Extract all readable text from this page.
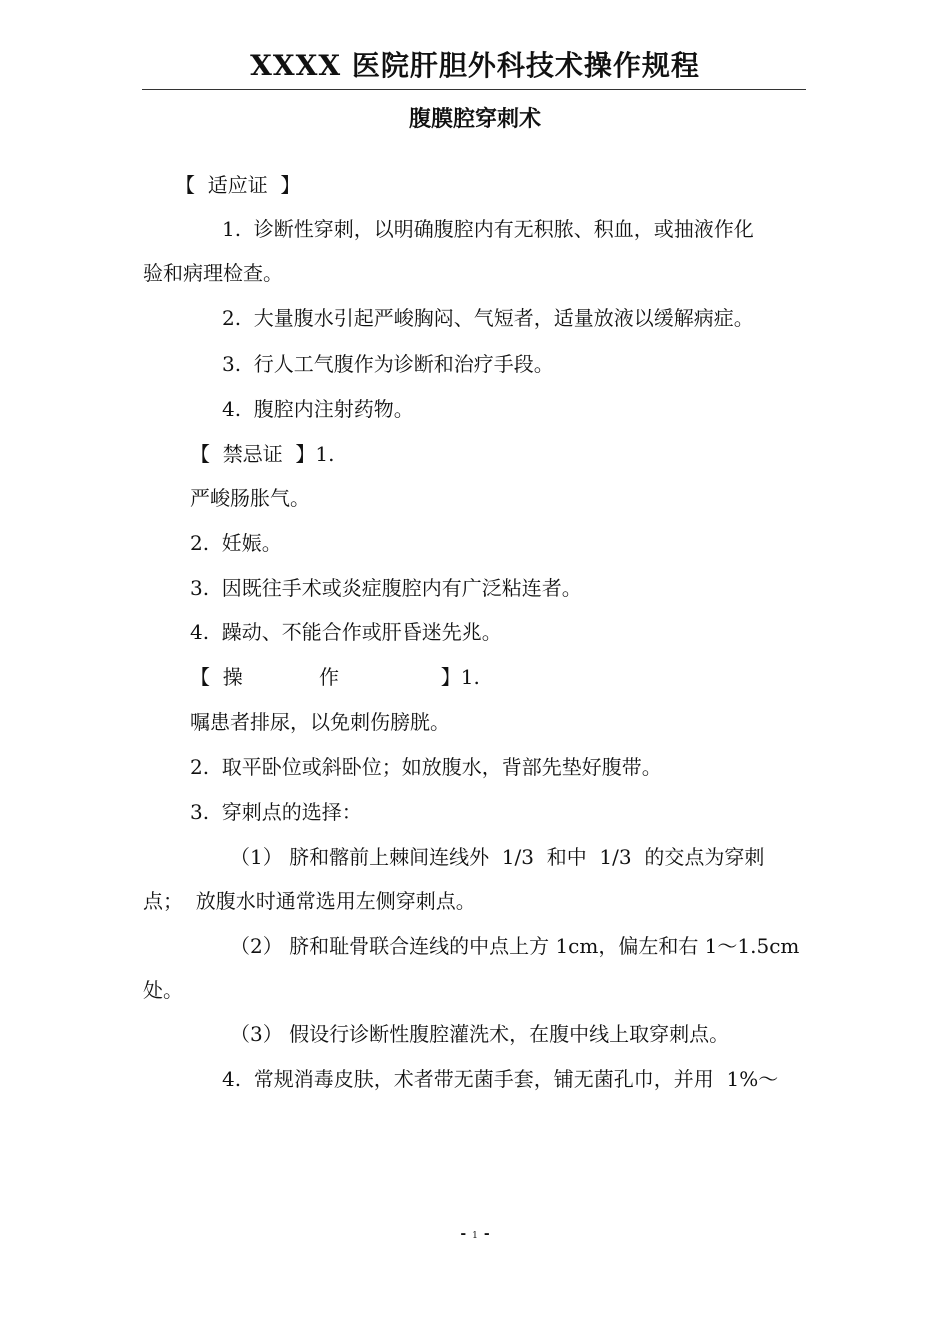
XXXX 医院肝胆外科技术操作规程
腹膜腔穿刺术
【  适应证  】
1.  诊断性穿刺，以明确腹腔内有无积脓、积血，或抽液作化
验和病理检查。
2.  大量腹水引起严峻胸闷、气短者，适量放液以缓解病症。
3.  行人工气腹作为诊断和治疗手段。
4.  腹腔内注射药物。
【  禁忌证  】1.
严峻肠胀气。
2.  妊娠。
3.  因既往手术或炎症腹腔内有广泛粘连者。
4.  躁动、不能合作或肝昏迷先兆。
【  操            作                】1.
嘱患者排尿，以免刺伤膀胱。
2.  取平卧位或斜卧位；如放腹水，背部先垫好腹带。
3.  穿刺点的选择：
（1） 脐和髂前上棘间连线外  1/3  和中  1/3  的交点为穿刺
点；  放腹水时通常选用左侧穿刺点。
（2） 脐和耻骨联合连线的中点上方 1cm，偏左和右 1～1.5cm
处。
（3） 假设行诊断性腹腔灌洗术，在腹中线上取穿刺点。
4.  常规消毒皮肤，术者带无菌手套，铺无菌孔巾，并用  1%～
- 1 -
